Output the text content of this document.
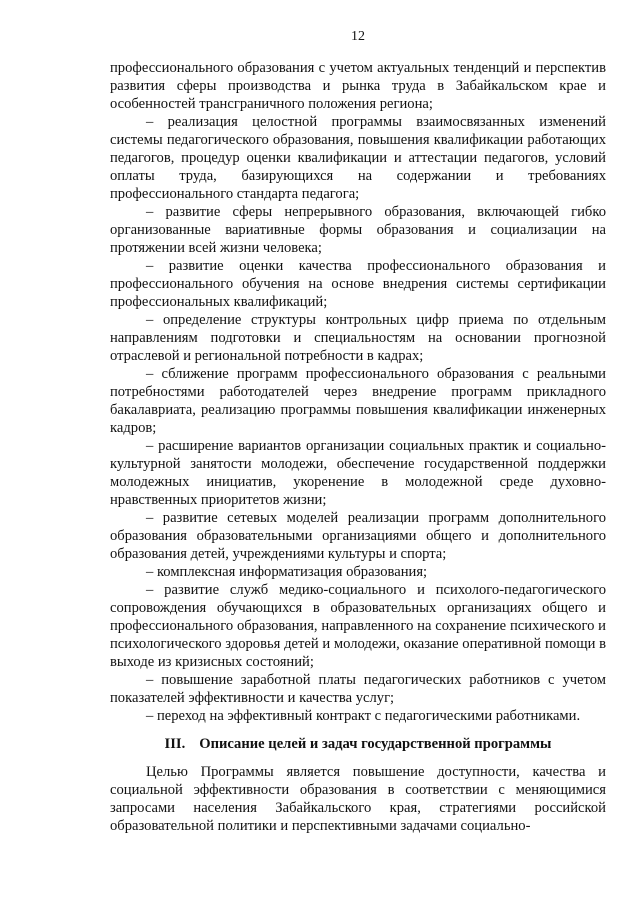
12

профессионального образования с учетом актуальных тенденций и перспектив развития сферы производства и рынка труда в Забайкальском крае и особенностей трансграничного положения региона;

– реализация целостной программы взаимосвязанных изменений системы педагогического образования, повышения квалификации работающих педагогов, процедур оценки квалификации и аттестации педагогов, условий оплаты труда, базирующихся на содержании и требованиях профессионального стандарта педагога;

– развитие сферы непрерывного образования, включающей гибко организованные вариативные формы образования и социализации на протяжении всей жизни человека;

– развитие оценки качества профессионального образования и профессионального обучения на основе внедрения системы сертификации профессиональных квалификаций;

– определение структуры контрольных цифр приема по отдельным направлениям подготовки и специальностям на основании прогнозной отраслевой и региональной потребности в кадрах;

– сближение программ профессионального образования с реальными потребностями работодателей через внедрение программ прикладного бакалавриата, реализацию программы повышения квалификации инженерных кадров;

– расширение вариантов организации социальных практик и социально-культурной занятости молодежи, обеспечение государственной поддержки молодежных инициатив, укоренение в молодежной среде духовно-нравственных приоритетов жизни;

– развитие сетевых моделей реализации программ дополнительного образования образовательными организациями общего и дополнительного образования детей, учреждениями культуры и спорта;

– комплексная информатизация образования;

– развитие служб медико-социального и психолого-педагогического сопровождения обучающихся в образовательных организациях общего и профессионального образования, направленного на сохранение психического и психологического здоровья детей и молодежи, оказание оперативной помощи в выходе из кризисных состояний;

– повышение заработной платы педагогических работников с учетом показателей эффективности и качества услуг;

– переход на эффективный контракт с педагогическими работниками.

III. Описание целей и задач государственной программы

Целью Программы является повышение доступности, качества и социальной эффективности образования в соответствии с меняющимися запросами населения Забайкальского края, стратегиями российской образовательной политики и перспективными задачами социально-
